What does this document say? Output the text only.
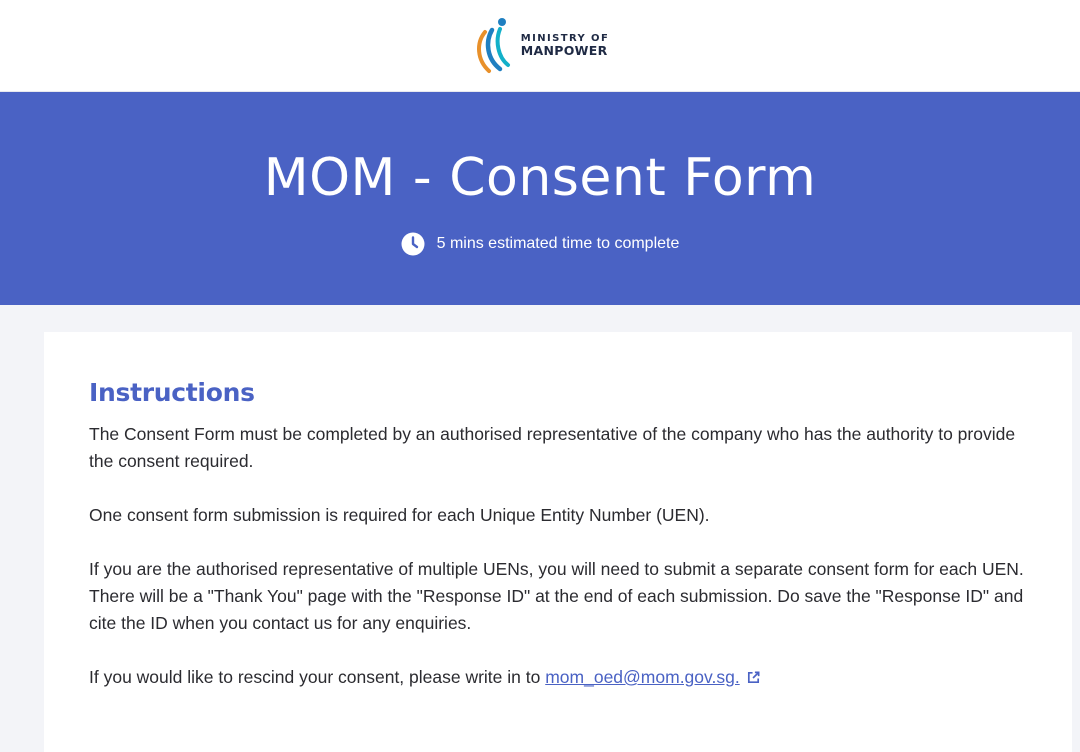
MINISTRY OF
MANPOWER
MOM - Consent Form
5 mins estimated time to complete
Instructions

The Consent Form must be completed by an authorised representative of the company who has the authority to provide the consent required.

One consent form submission is required for each Unique Entity Number (UEN).

If you are the authorised representative of multiple UENs, you will need to submit a separate consent form for each UEN. There will be a "Thank You" page with the "Response ID" at the end of each submission. Do save the "Response ID" and cite the ID when you contact us for any enquiries.

If you would like to rescind your consent, please write in to mom_oed@mom.gov.sg.
